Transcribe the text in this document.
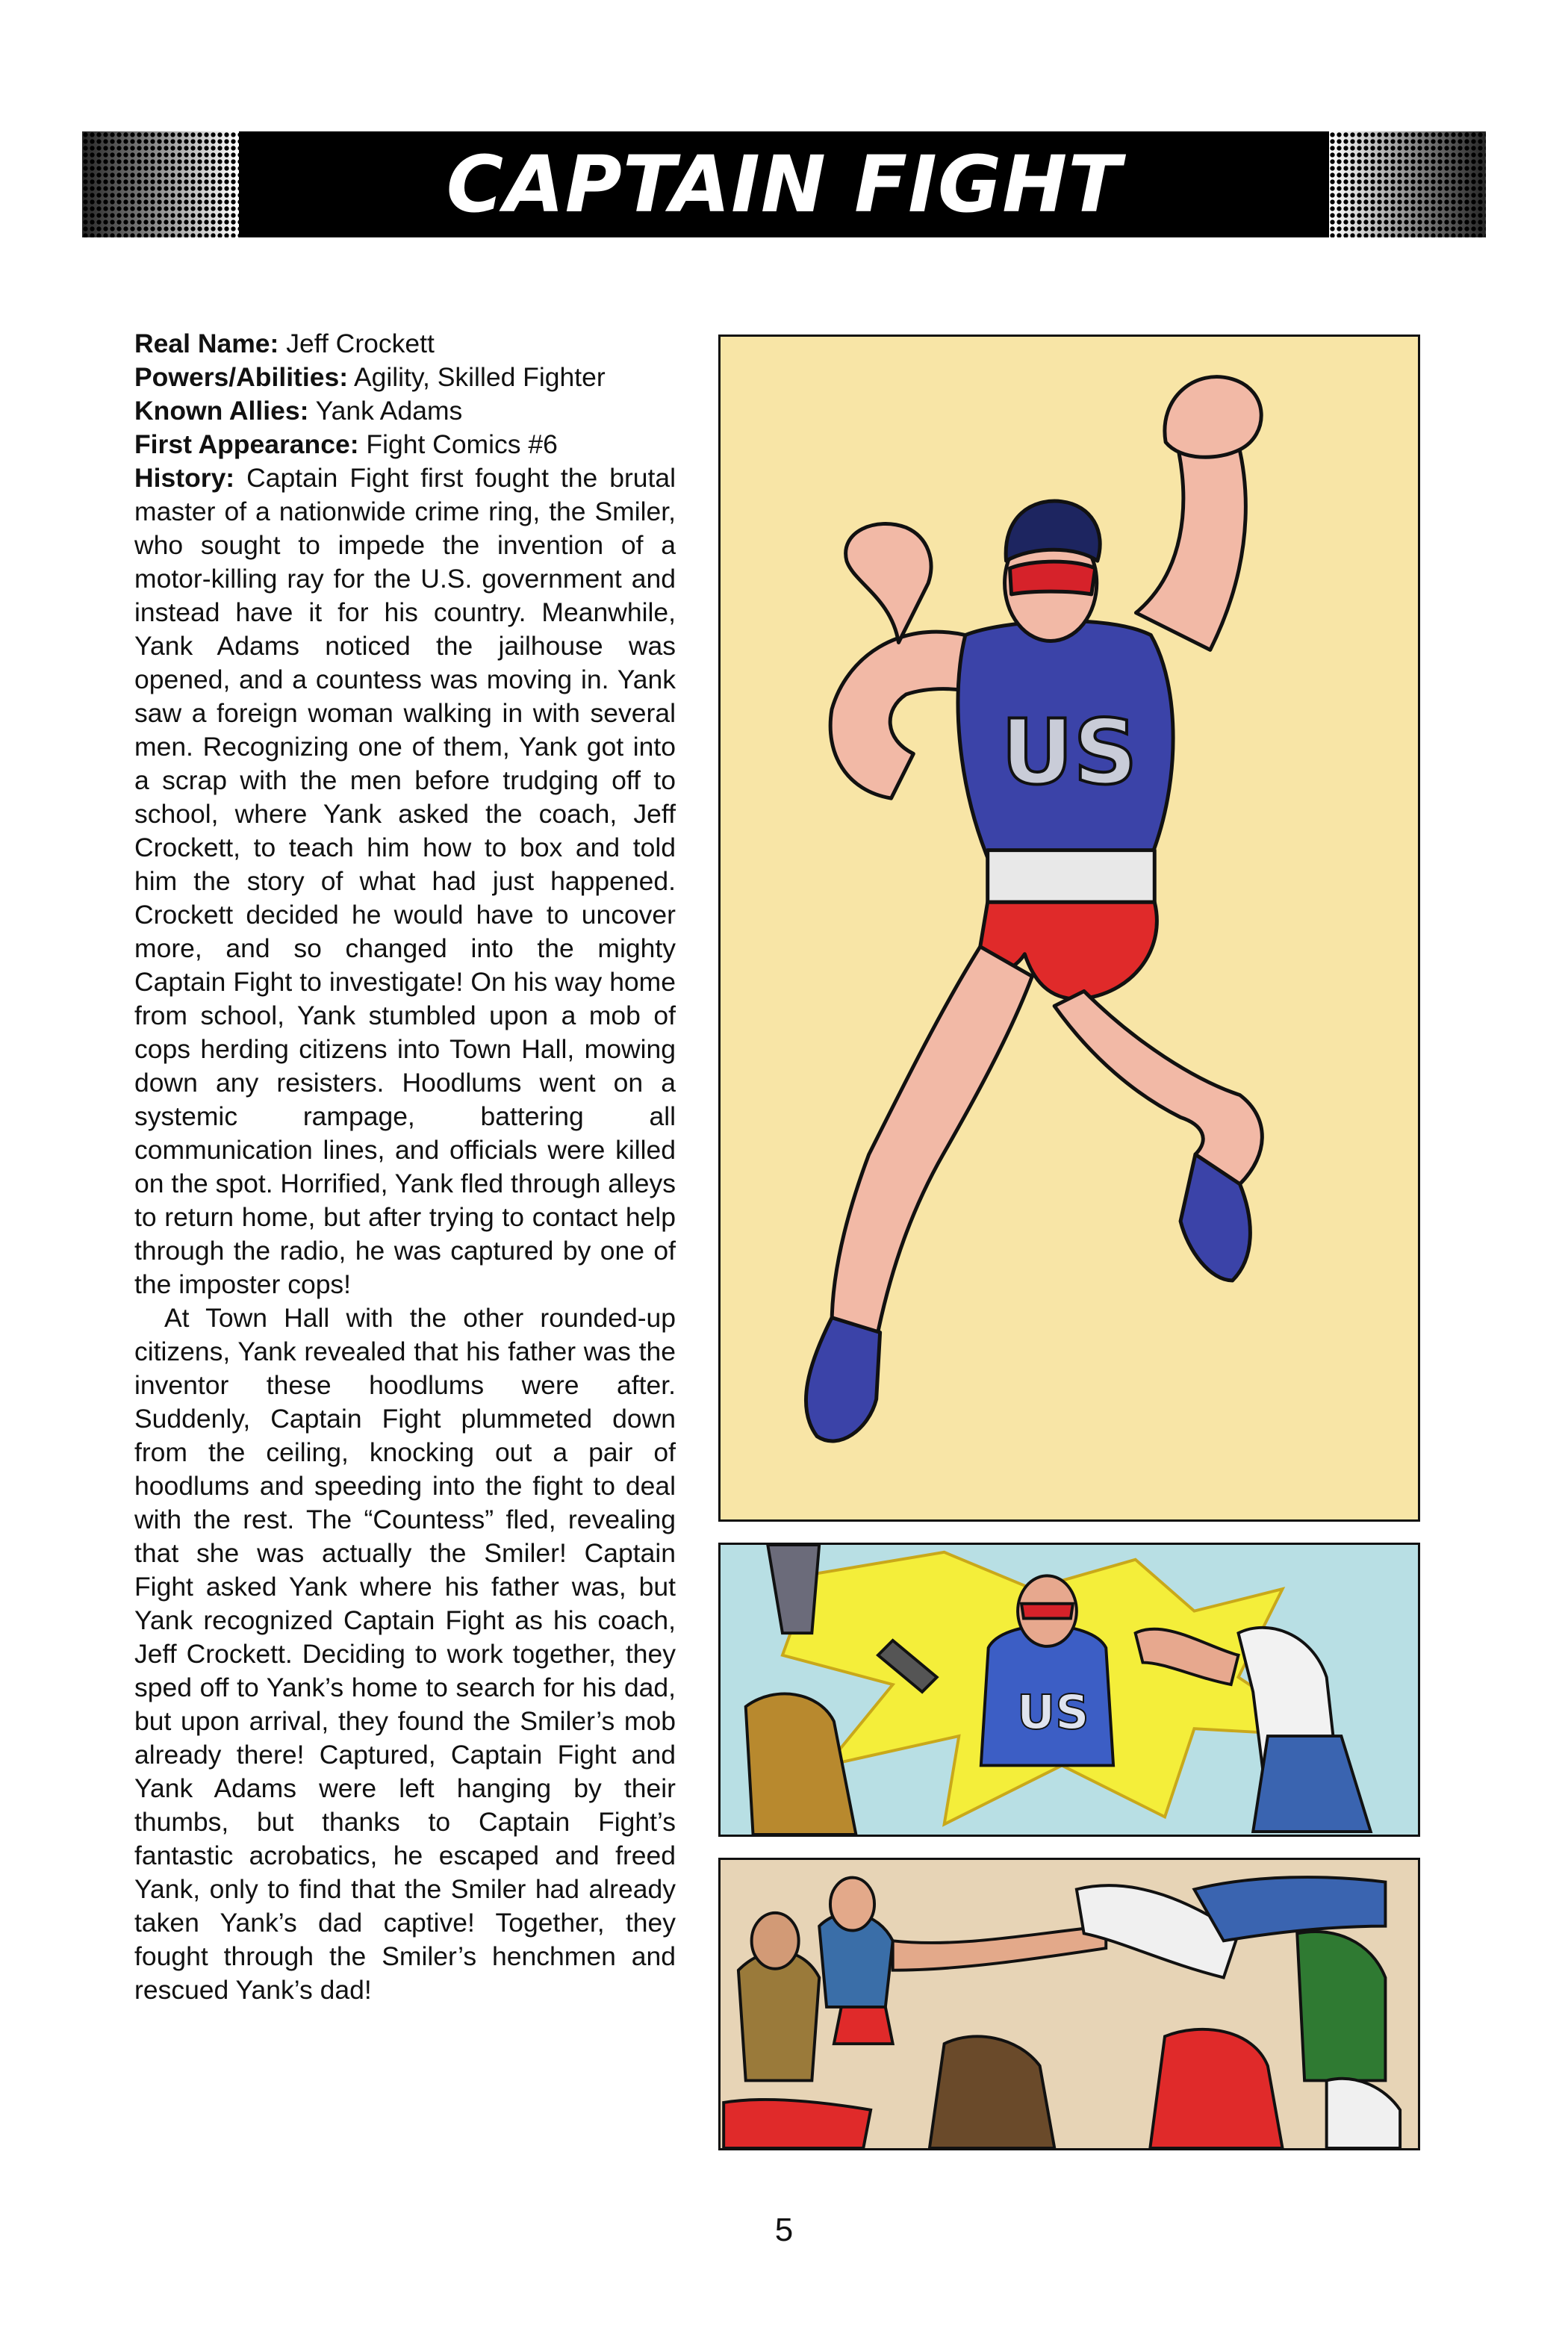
CAPTAIN FIGHT

Real Name: Jeff Crockett

Powers/Abilities: Agility, Skilled Fighter

Known Allies: Yank Adams

First Appearance: Fight Comics #6

History: Captain Fight first fought the brutal master of a nationwide crime ring, the Smiler, who sought to impede the invention of a motor-killing ray for the U.S. government and instead have it for his country. Meanwhile, Yank Adams noticed the jailhouse was opened, and a countess was moving in. Yank saw a foreign woman walking in with several men. Recognizing one of them, Yank got into a scrap with the men before trudging off to school, where Yank asked the coach, Jeff Crockett, to teach him how to box and told him the story of what had just happened. Crockett decided he would have to uncover more, and so changed into the mighty Captain Fight to investigate! On his way home from school, Yank stumbled upon a mob of cops herding citizens into Town Hall, mowing down any resisters. Hoodlums went on a systemic rampage, battering all communication lines, and officials were killed on the spot. Horrified, Yank fled through alleys to return home, but after trying to contact help through the radio, he was captured by one of the imposter cops!

At Town Hall with the other rounded-up citizens, Yank revealed that his father was the inventor these hoodlums were after. Suddenly, Captain Fight plummeted down from the ceiling, knocking out a pair of hoodlums and speeding into the fight to deal with the rest. The “Countess” fled, revealing that she was actually the Smiler! Captain Fight asked Yank where his father was, but Yank recognized Captain Fight as his coach, Jeff Crockett. Deciding to work together, they sped off to Yank’s home to search for his dad, but upon arrival, they found the Smiler’s mob already there! Captured, Captain Fight and Yank Adams were left hanging by their thumbs, but thanks to Captain Fight’s fantastic acrobatics, he escaped and freed Yank, only to find that the Smiler had already taken Yank’s dad captive! Together, they fought through the Smiler’s henchmen and rescued Yank’s dad!

US
US
5
